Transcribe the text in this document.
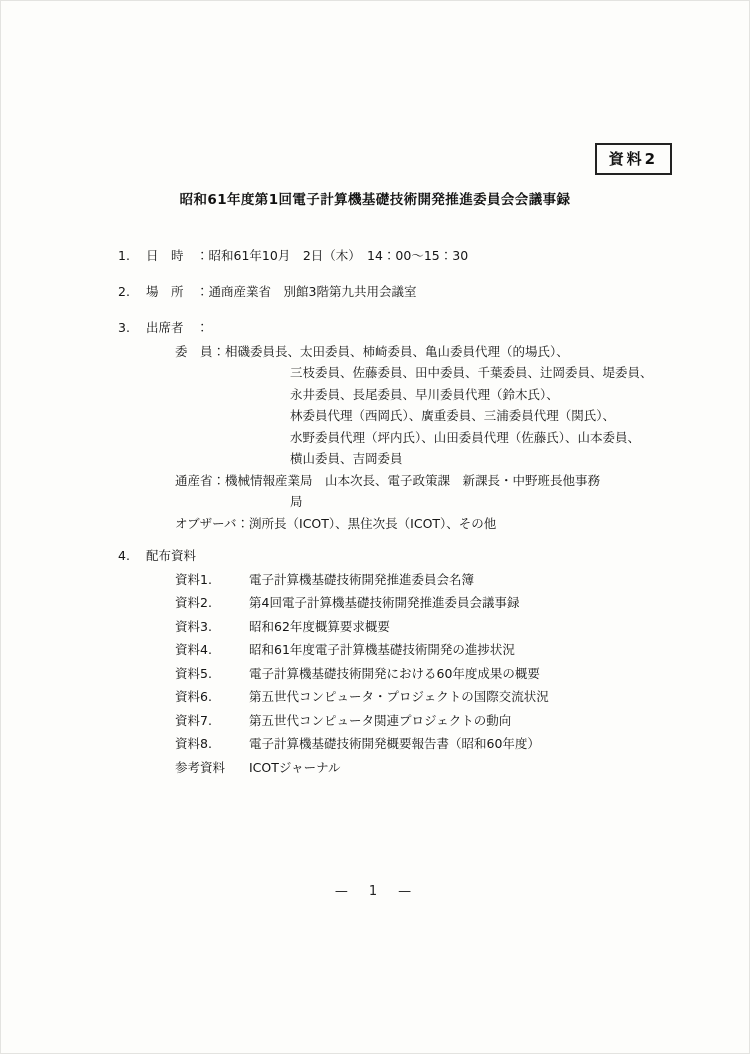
資料2
昭和61年度第1回電子計算機基礎技術開発推進委員会会議事録
1.	日　時　： 昭和61年10月　2日（木）　14：00～15：30
2.	場　所　： 通商産業省　別館3階第九共用会議室
3.	出席者　：
委　員： 相磯委員長、太田委員、柿崎委員、亀山委員代理（的場氏）、
三枝委員、佐藤委員、田中委員、千葉委員、辻岡委員、堤委員、
永井委員、長尾委員、早川委員代理（鈴木氏）、
林委員代理（西岡氏）、廣重委員、三浦委員代理（関氏）、
水野委員代理（坪内氏）、山田委員代理（佐藤氏）、山本委員、
横山委員、吉岡委員
通産省： 機械情報産業局　山本次長、電子政策課　新課長・中野班長他事務
局
オブザーバ： 渕所長（ICOT）、黒住次長（ICOT）、その他
4.	配布資料
資料1.	電子計算機基礎技術開発推進委員会名簿
資料2.	第4回電子計算機基礎技術開発推進委員会議事録
資料3.	昭和62年度概算要求概要
資料4.	昭和61年度電子計算機基礎技術開発の進捗状況
資料5.	電子計算機基礎技術開発における60年度成果の概要
資料6.	第五世代コンピュータ・プロジェクトの国際交流状況
資料7.	第五世代コンピュータ関連プロジェクトの動向
資料8.	電子計算機基礎技術開発概要報告書（昭和60年度）
参考資料	ICOTジャーナル
—　1　—
